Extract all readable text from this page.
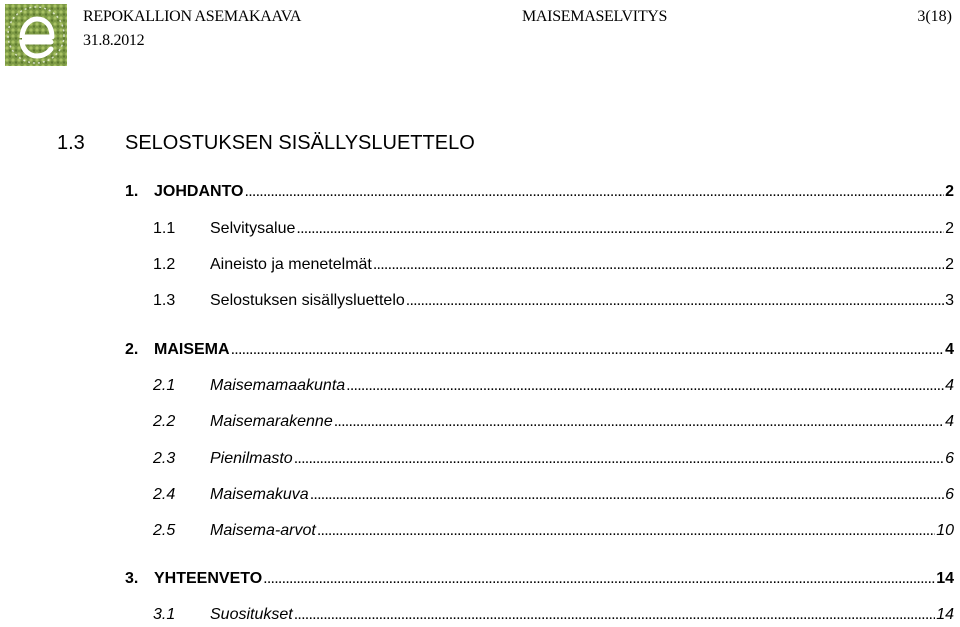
REPOKALLION ASEMAKAAVA
31.8.2012
MAISEMASELVITYS	3(18)
1.3 SELOSTUKSEN SISÄLLYSLUETTELO
1. JOHDANTO . . .	2
1.1 Selvitysalue . . .	2
1.2 Aineisto ja menetelmät . . .	2
1.3 Selostuksen sisällysluettelo . . .	3
2. MAISEMA . . .	4
2.1 Maisemamaakunta . . .	4
2.2 Maisemarakenne . . .	4
2.3 Pienilmasto . . .	6
2.4 Maisemakuva . . .	6
2.5 Maisema-arvot . . .	10
3. YHTEENVETO . . .	14
3.1 Suositukset . . .	14
